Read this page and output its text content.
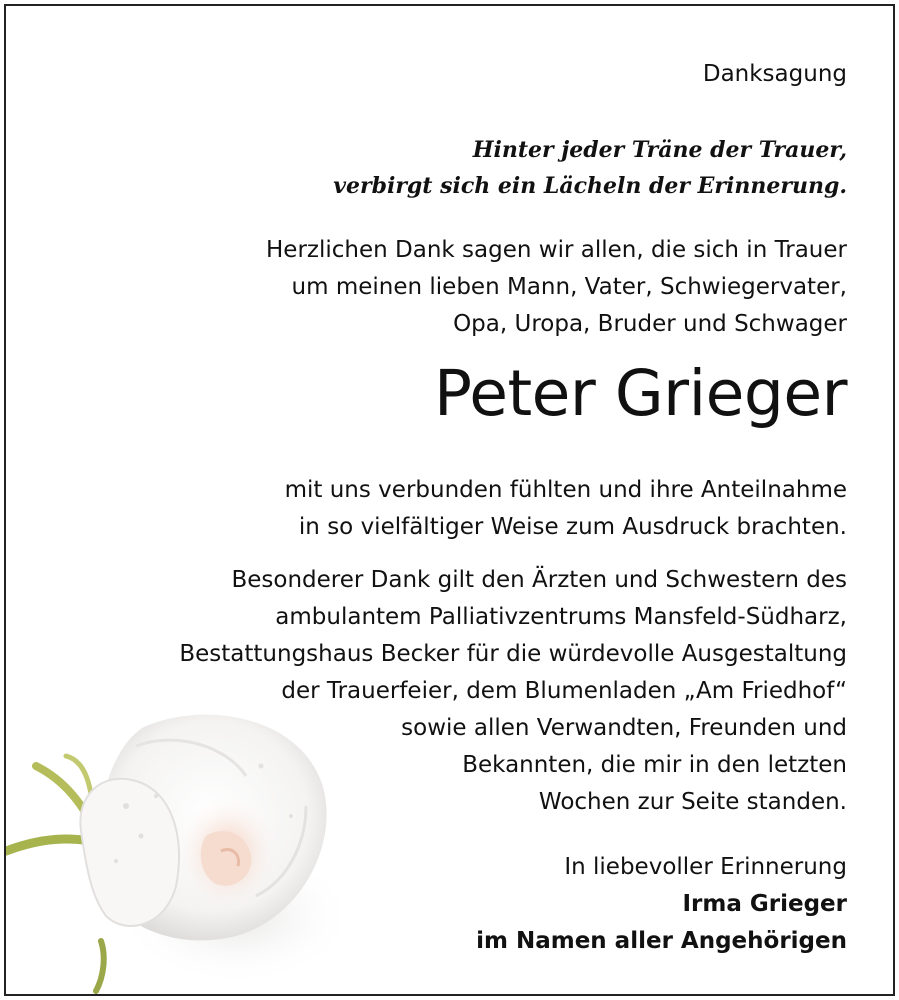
Danksagung
Hinter jeder Träne der Trauer,
verbirgt sich ein Lächeln der Erinnerung.
Herzlichen Dank sagen wir allen, die sich in Trauer
um meinen lieben Mann, Vater, Schwiegervater,
Opa, Uropa, Bruder und Schwager
Peter Grieger
mit uns verbunden fühlten und ihre Anteilnahme
in so vielfältiger Weise zum Ausdruck brachten.
Besonderer Dank gilt den Ärzten und Schwestern des
ambulantem Palliativzentrums Mansfeld-Südharz,
Bestattungshaus Becker für die würdevolle Ausgestaltung
der Trauerfeier, dem Blumenladen „Am Friedhof“
sowie allen Verwandten, Freunden und
Bekannten, die mir in den letzten
Wochen zur Seite standen.
In liebevoller Erinnerung
Irma Grieger
im Namen aller Angehörigen
